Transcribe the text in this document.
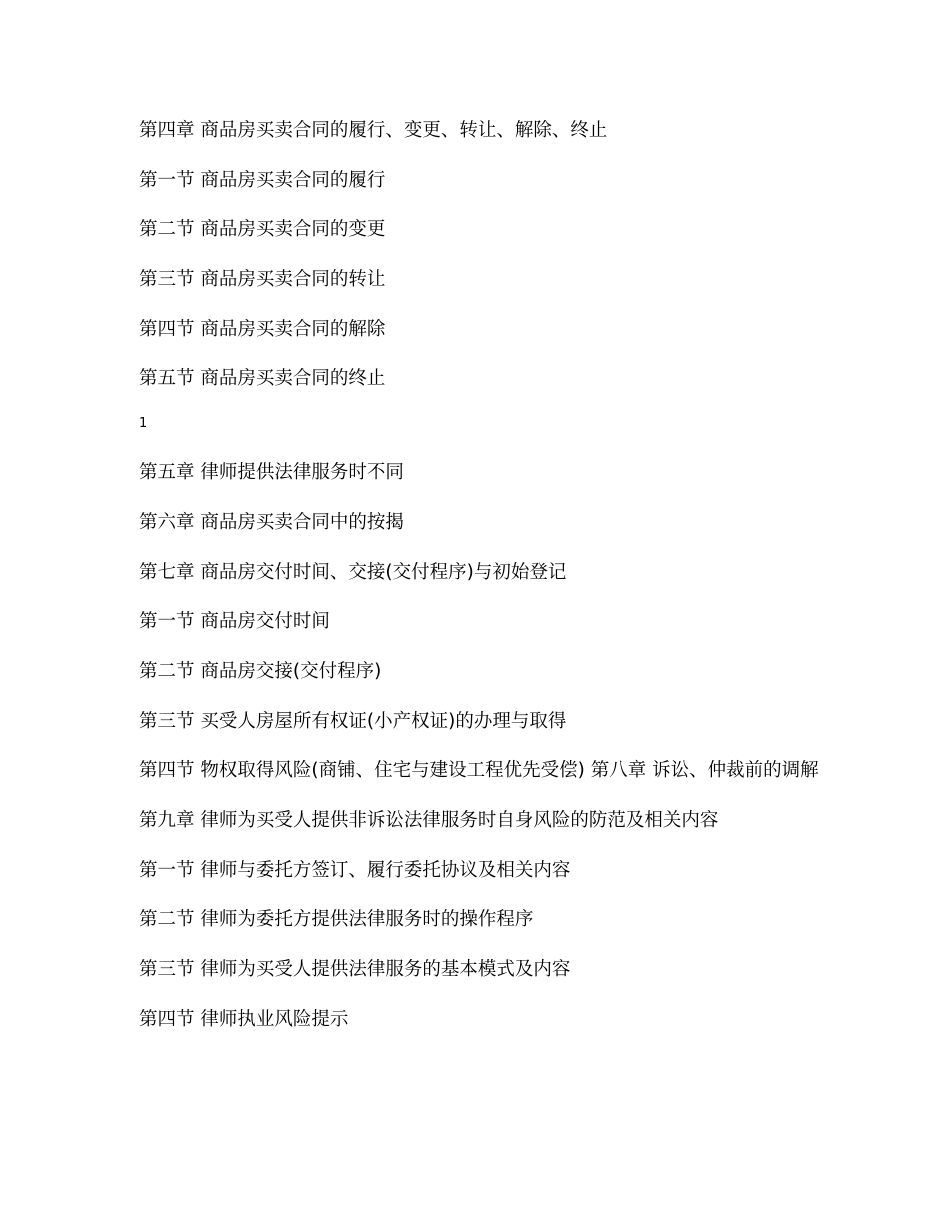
第四章 商品房买卖合同的履行、变更、转让、解除、终止
第一节 商品房买卖合同的履行
第二节 商品房买卖合同的变更
第三节 商品房买卖合同的转让
第四节 商品房买卖合同的解除
第五节 商品房买卖合同的终止
1
第五章 律师提供法律服务时不同
第六章 商品房买卖合同中的按揭
第七章 商品房交付时间、交接(交付程序)与初始登记
第一节 商品房交付时间
第二节 商品房交接(交付程序)
第三节 买受人房屋所有权证(小产权证)的办理与取得
第四节 物权取得风险(商铺、住宅与建设工程优先受偿) 第八章 诉讼、仲裁前的调解
第九章 律师为买受人提供非诉讼法律服务时自身风险的防范及相关内容
第一节 律师与委托方签订、履行委托协议及相关内容
第二节 律师为委托方提供法律服务时的操作程序
第三节 律师为买受人提供法律服务的基本模式及内容
第四节 律师执业风险提示
